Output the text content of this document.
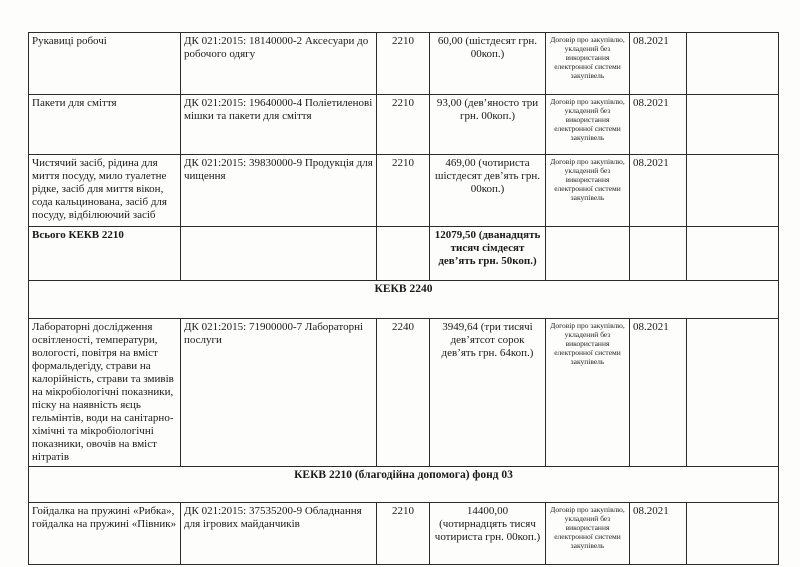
Рукавиці робочі	ДК 021:2015: 18140000-2 Аксесуари до робочого одягу	2210	60,00 (шістдесят грн. 00коп.)	Договір про закупівлю, укладений без використання електронної системи закупівель	08.2021	
Пакети для сміття	ДК 021:2015: 19640000-4 Поліетиленові мішки та пакети для сміття	2210	93,00 (дев’яносто три грн. 00коп.)	Договір про закупівлю, укладений без використання електронної системи закупівель	08.2021	
Чистячий засіб, рідина для миття посуду, мило туалетне рідке, засіб для миття вікон, сода кальцинована, засіб для посуду, відбілюючий засіб	ДК 021:2015: 39830000-9 Продукція для чищення	2210	469,00 (чотириста шістдесят дев’ять грн. 00коп.)	Договір про закупівлю, укладений без використання електронної системи закупівель	08.2021	
Всього КЕКВ 2210			12079,50 (дванадцять тисяч сімдесят дев’ять грн. 50коп.)			
КЕКВ 2240						
Лабораторні дослідження освітленості, температури, вологості, повітря на вміст формальдегіду, страви на калорійність, страви та змивів на мікробіологічні показники, піску на наявність яєць гельмінтів, води на санітарно-хімічні та мікробіологічні показники, овочів на вміст нітратів	ДК 021:2015: 71900000-7 Лабораторні послуги	2240	3949,64 (три тисячі дев’ятсот сорок дев’ять грн. 64коп.)	Договір про закупівлю, укладений без використання електронної системи закупівель	08.2021	
КЕКВ 2210 (благодійна допомога) фонд 03						
Гойдалка на пружині «Рибка», гойдалка на пружині «Півник»	ДК 021:2015: 37535200-9 Обладнання для ігрових майданчиків	2210	14400,00 (чотирнадцять тисяч чотириста грн. 00коп.)	Договір про закупівлю, укладений без використання електронної системи закупівель	08.2021	
